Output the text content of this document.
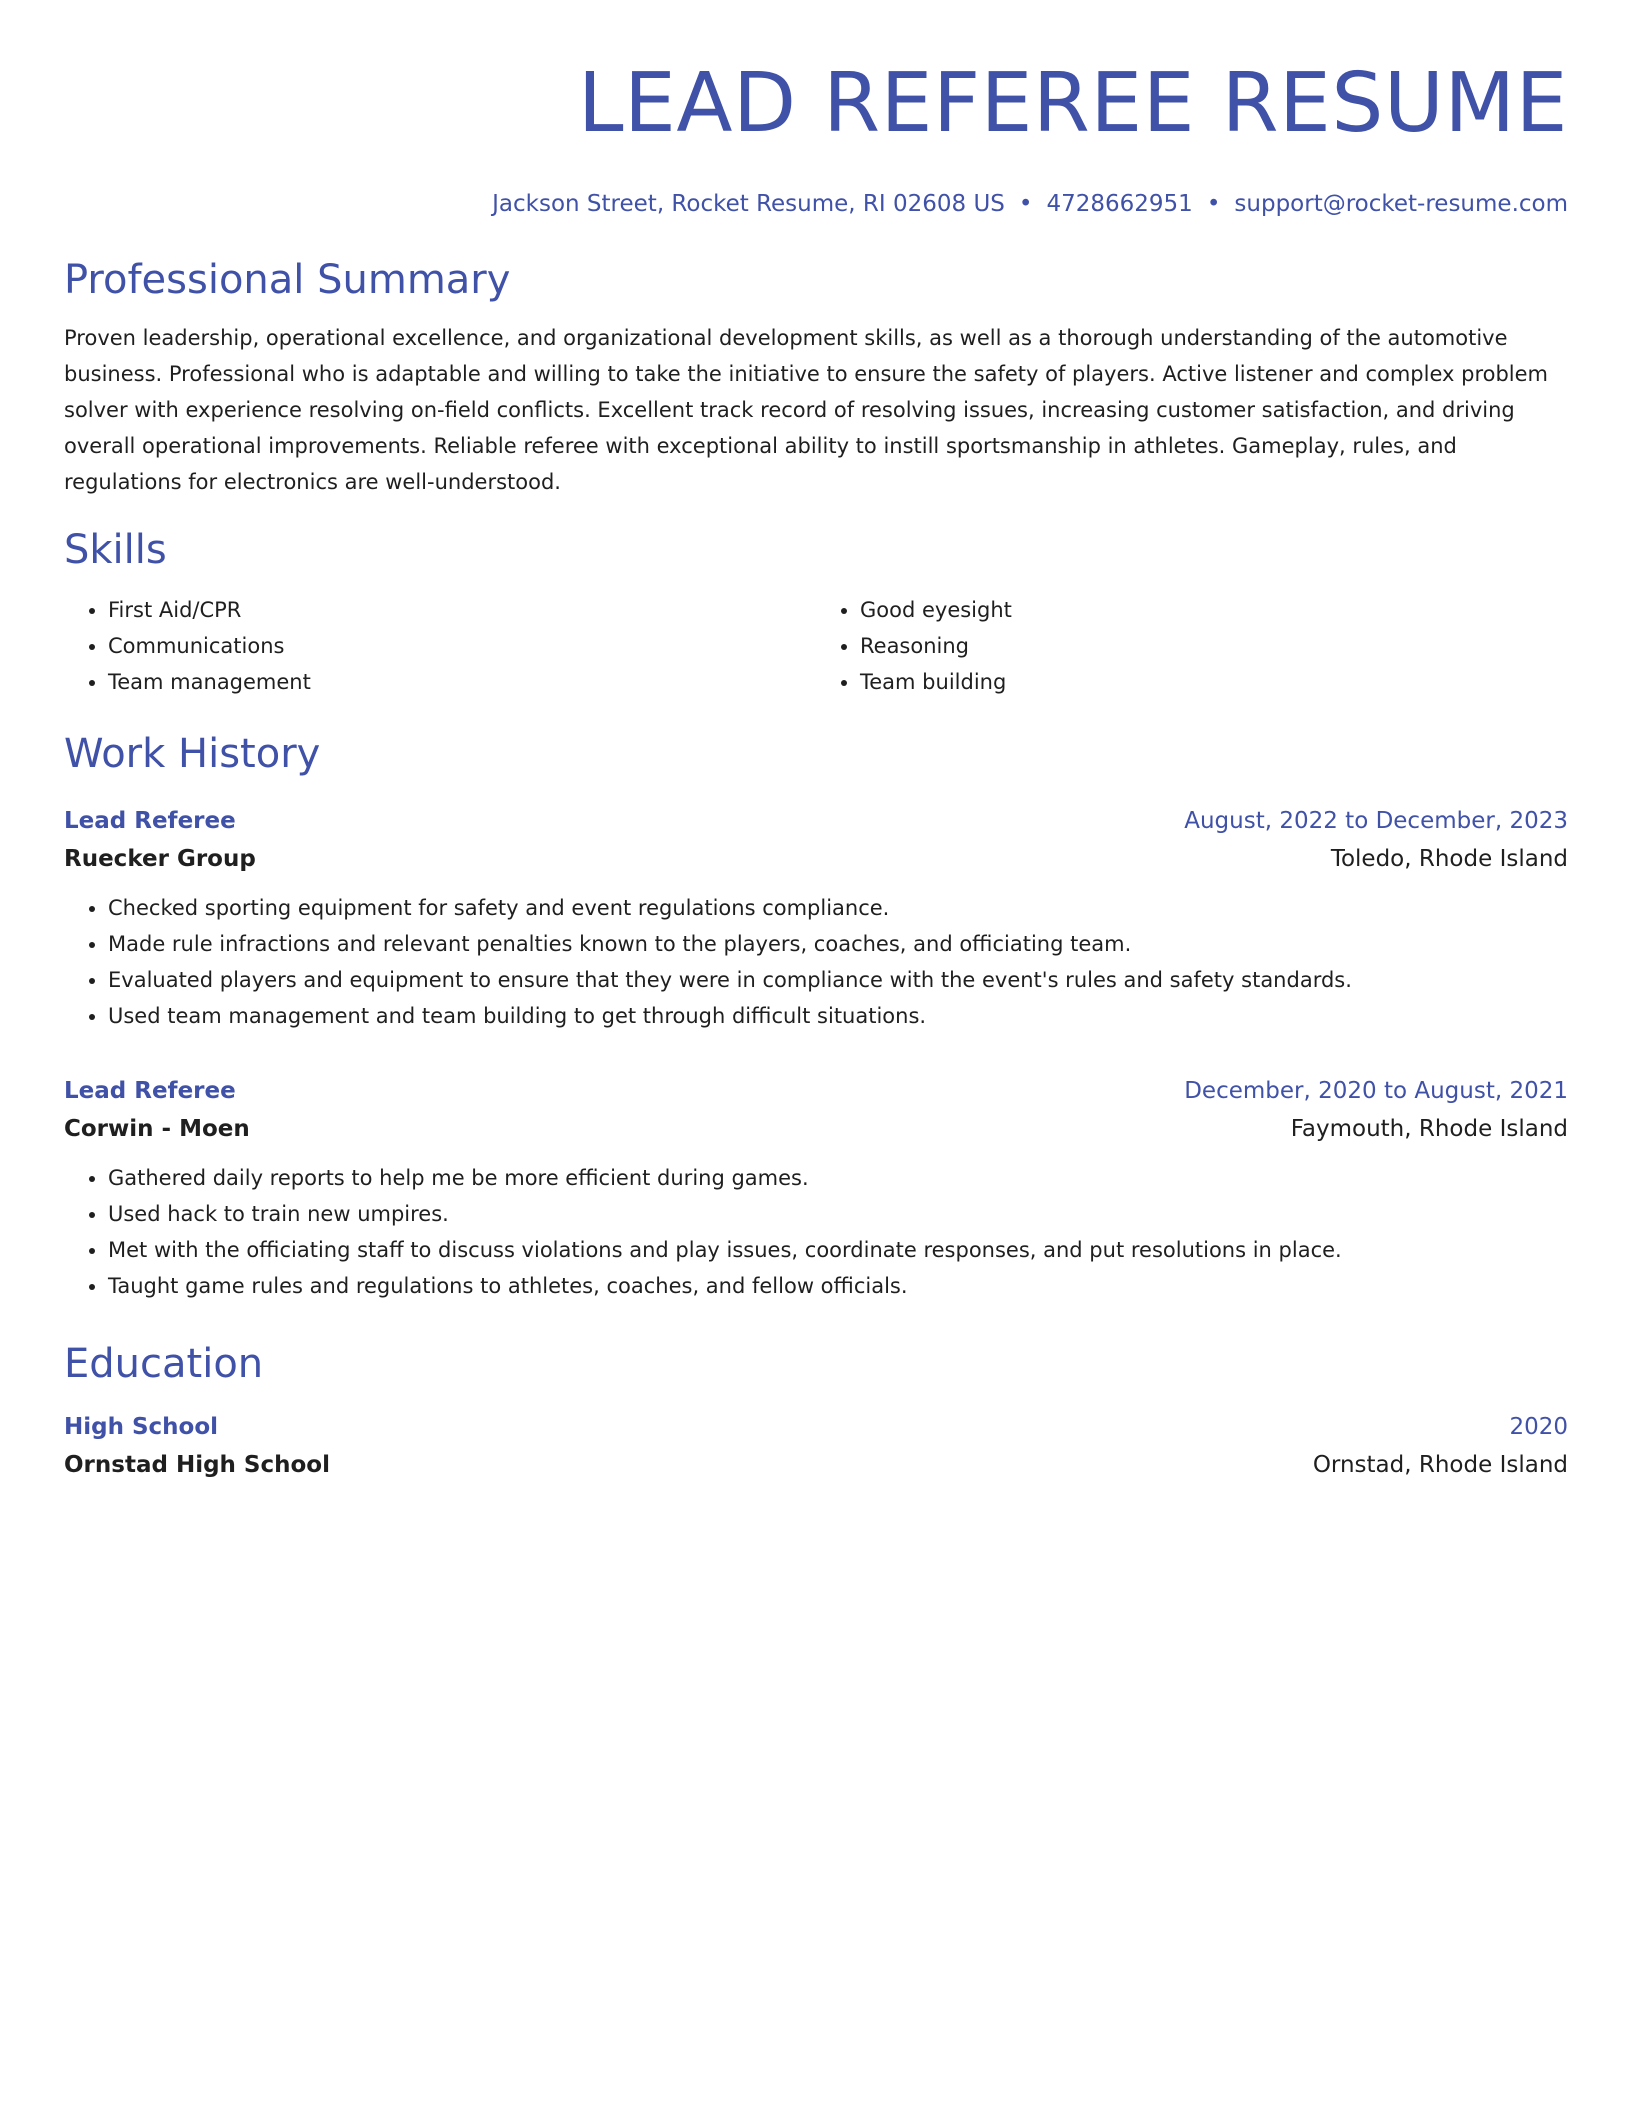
LEAD REFEREE RESUME
Jackson Street, Rocket Resume, RI 02608 US • 4728662951 • support@rocket-resume.com
Professional Summary

Proven leadership, operational excellence, and organizational development skills, as well as a thorough understanding of the automotive business. Professional who is adaptable and willing to take the initiative to ensure the safety of players. Active listener and complex problem solver with experience resolving on-field conflicts. Excellent track record of resolving issues, increasing customer satisfaction, and driving overall operational improvements. Reliable referee with exceptional ability to instill sportsmanship in athletes. Gameplay, rules, and regulations for electronics are well-understood.

Skills
• First Aid/CPR
• Communications
• Team management
• Good eyesight
• Reasoning
• Team building
Work History
Lead Referee	August, 2022 to December, 2023
Ruecker Group	Toledo, Rhode Island
• Checked sporting equipment for safety and event regulations compliance.
• Made rule infractions and relevant penalties known to the players, coaches, and officiating team.
• Evaluated players and equipment to ensure that they were in compliance with the event's rules and safety standards.
• Used team management and team building to get through difficult situations.
Lead Referee	December, 2020 to August, 2021
Corwin - Moen	Faymouth, Rhode Island
• Gathered daily reports to help me be more efficient during games.
• Used hack to train new umpires.
• Met with the officiating staff to discuss violations and play issues, coordinate responses, and put resolutions in place.
• Taught game rules and regulations to athletes, coaches, and fellow officials.
Education
High School	2020
Ornstad High School	Ornstad, Rhode Island
